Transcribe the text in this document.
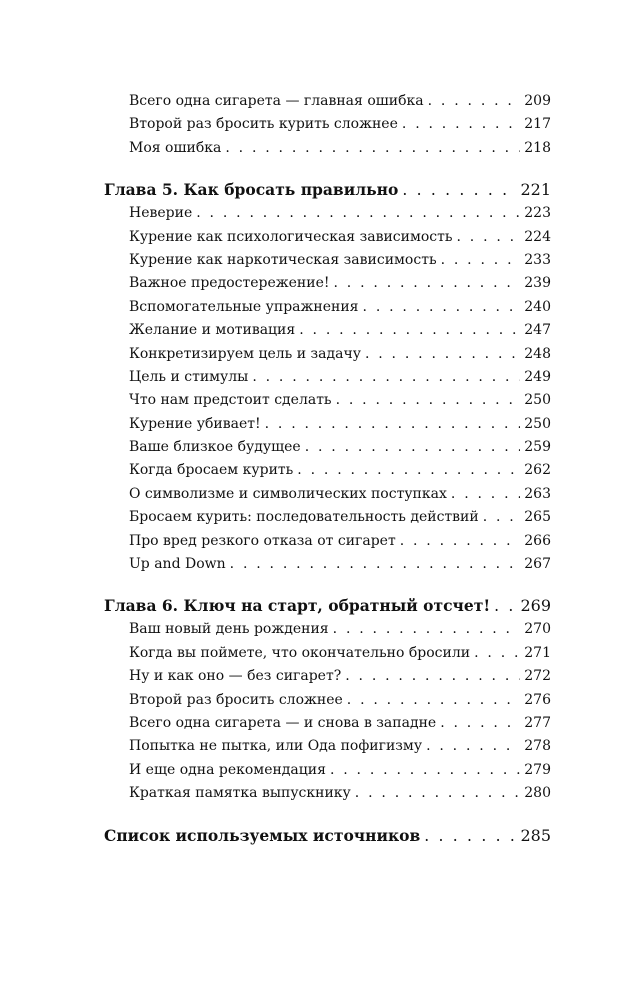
Всего одна сигарета — главная ошибка . . .	209
Второй раз бросить курить сложнее . . .	217
Моя ошибка . . .	218
Глава 5. Как бросать правильно . . .	221
Неверие . . .	223
Курение как психологическая зависимость . . .	224
Курение как наркотическая зависимость . . .	233
Важное предостережение! . . .	239
Вспомогательные упражнения . . .	240
Желание и мотивация . . .	247
Конкретизируем цель и задачу . . .	248
Цель и стимулы . . .	249
Что нам предстоит сделать . . .	250
Курение убивает! . . .	250
Ваше близкое будущее . . .	259
Когда бросаем курить . . .	262
О символизме и символических поступках . . .	263
Бросаем курить: последовательность действий . . .	265
Про вред резкого отказа от сигарет . . .	266
Up and Down . . .	267
Глава 6. Ключ на старт, обратный отсчет! . . . 269
Ваш новый день рождения . . .	270
Когда вы поймете, что окончательно бросили . . .	271
Ну и как оно — без сигарет? . . .	272
Второй раз бросить сложнее . . .	276
Всего одна сигарета — и снова в западне . . .	277
Попытка не пытка, или Ода пофигизму . . .	278
И еще одна рекомендация . . .	279
Краткая памятка выпускнику . . .	280
Список используемых источников . . .	285
